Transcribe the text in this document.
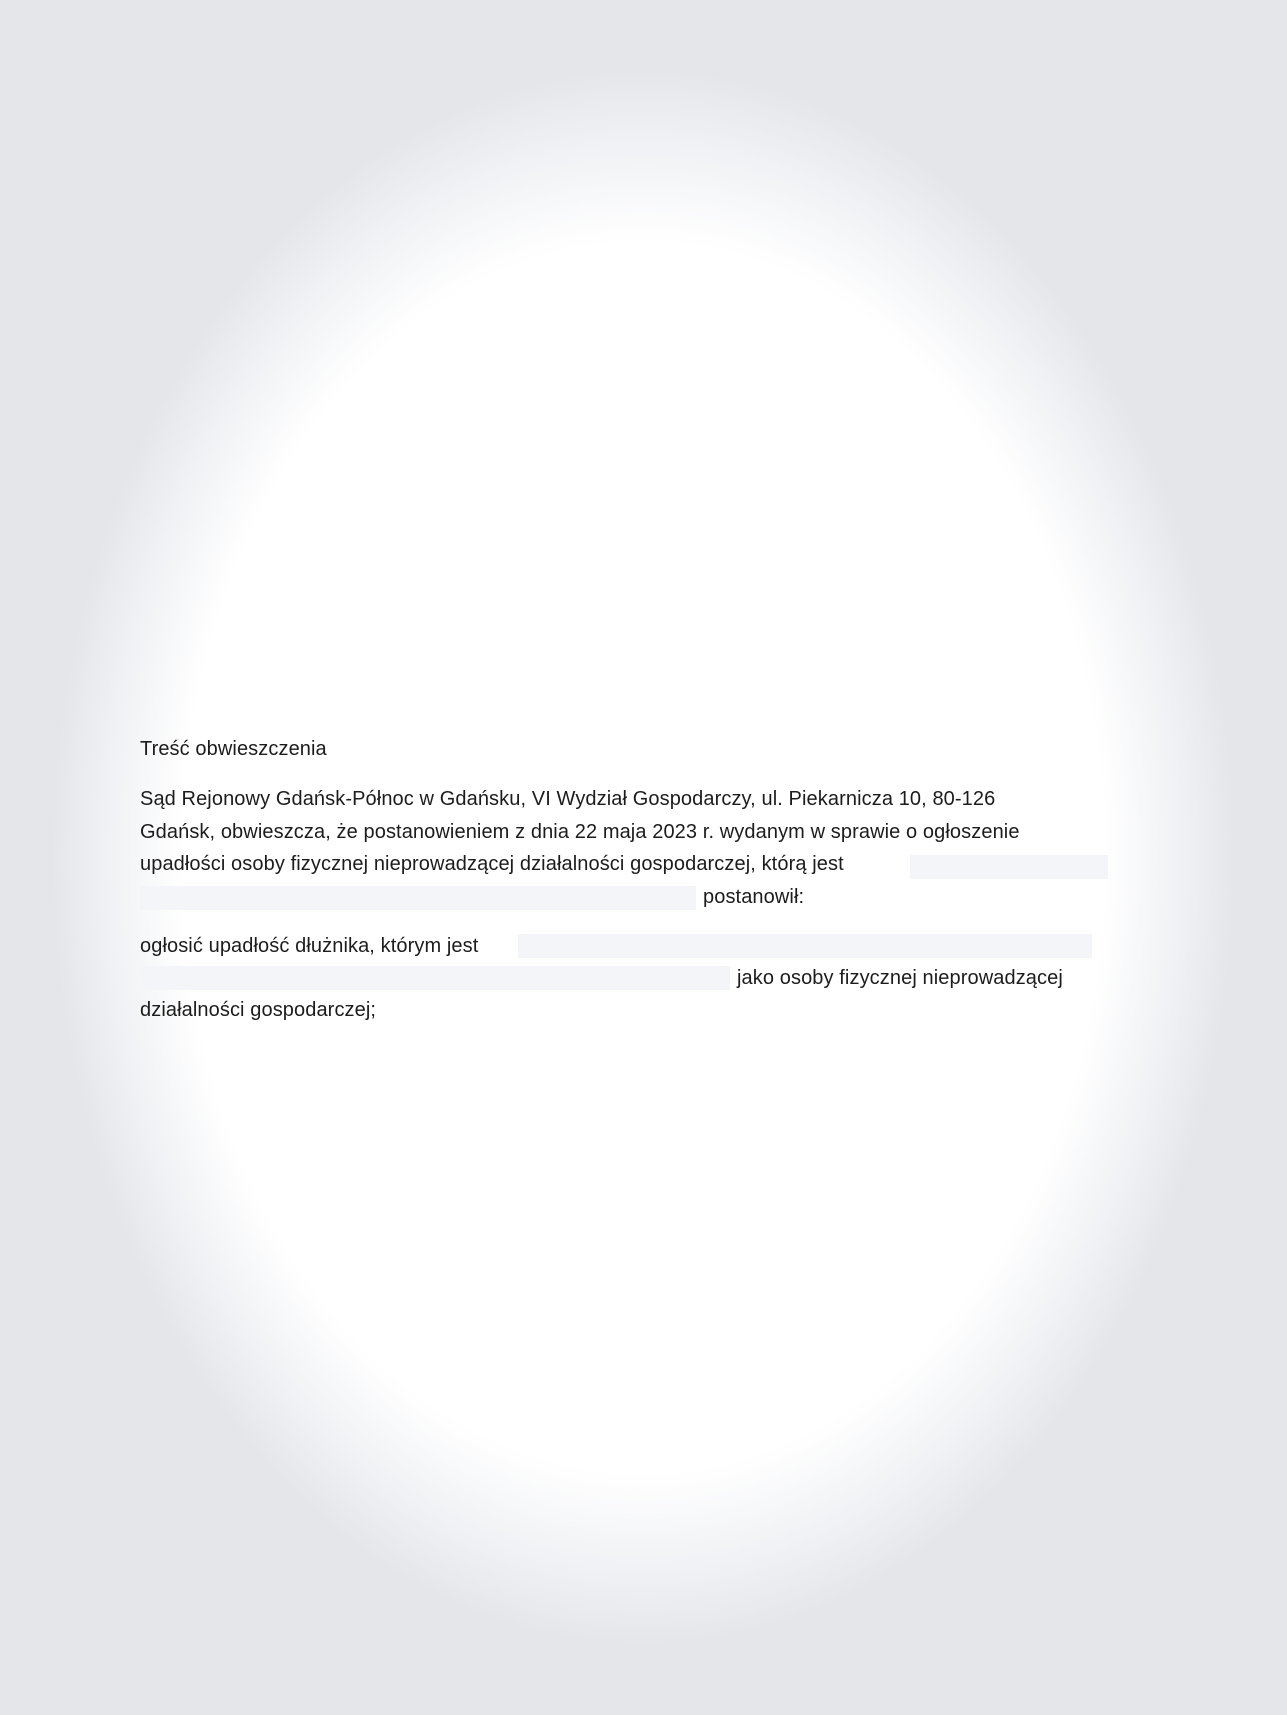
Treść obwieszczenia
Sąd Rejonowy Gdańsk-Północ w Gdańsku, VI Wydział Gospodarczy, ul. Piekarnicza 10, 80-126
Gdańsk, obwieszcza, że postanowieniem z dnia 22 maja 2023 r. wydanym w sprawie o ogłoszenie
upadłości osoby fizycznej nieprowadzącej działalności gospodarczej, którą jest
postanowił:
ogłosić upadłość dłużnika, którym jest
jako osoby fizycznej nieprowadzącej
działalności gospodarczej;
